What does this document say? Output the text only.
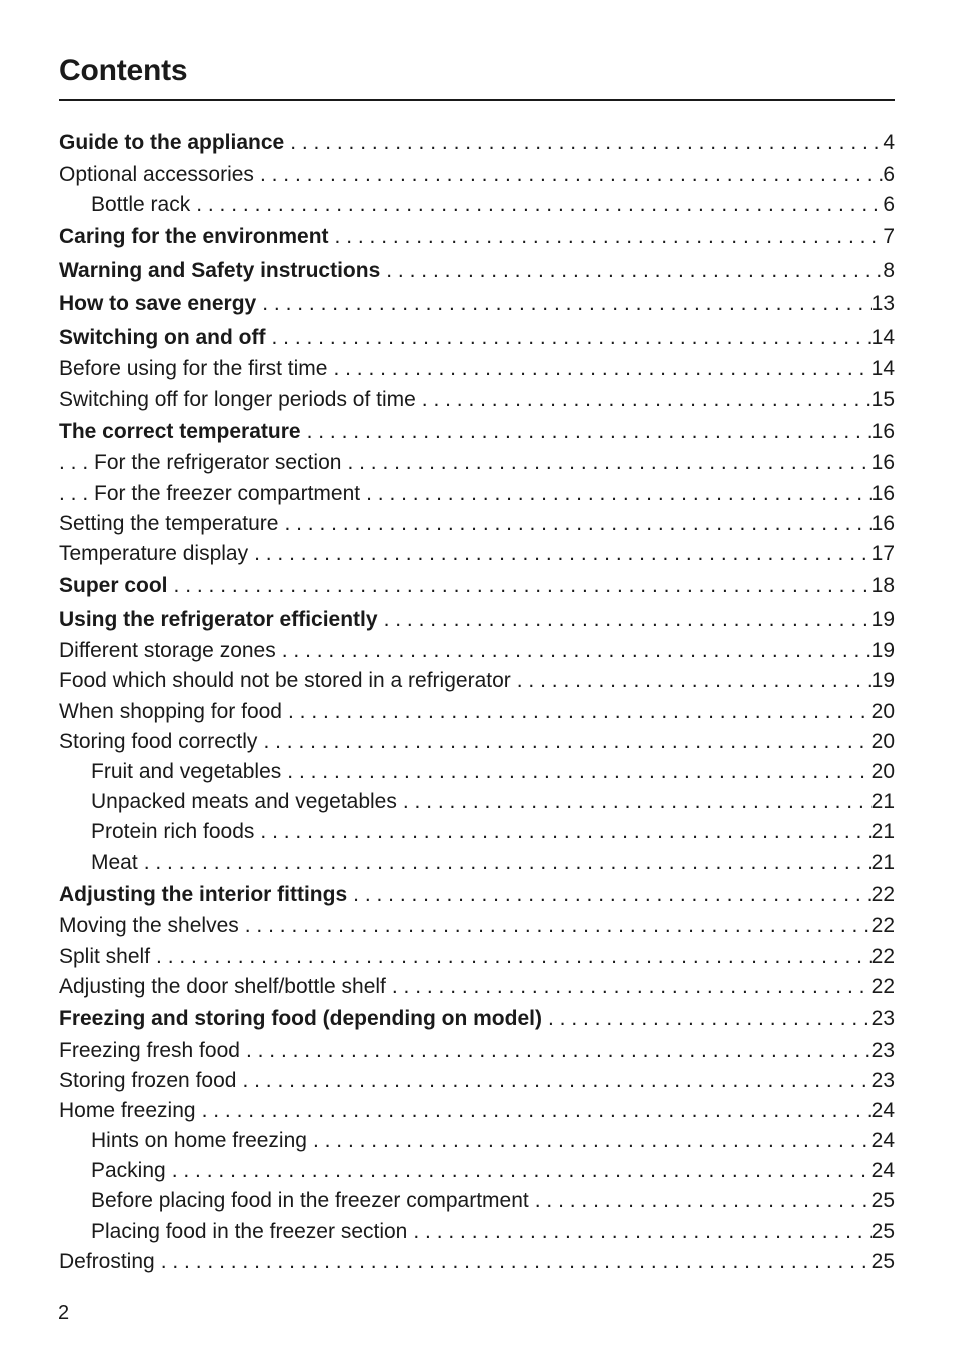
Contents
Guide to the appliance . . .	4
Optional accessories . . .	6
Bottle rack . . .	6
Caring for the environment . . .	7
Warning and Safety instructions . . .	8
How to save energy . . .	13
Switching on and off . . .	14
Before using for the first time . . .	14
Switching off for longer periods of time . . .	15
The correct temperature . . .	16
. . . For the refrigerator section . . .	16
. . . For the freezer compartment . . .	16
Setting the temperature . . .	16
Temperature display . . .	17
Super cool . . .	18
Using the refrigerator efficiently . . .	19
Different storage zones . . .	19
Food which should not be stored in a refrigerator . . .	19
When shopping for food . . .	20
Storing food correctly . . .	20
Fruit and vegetables . . .	20
Unpacked meats and vegetables . . .	21
Protein rich foods . . .	21
Meat . . .	21
Adjusting the interior fittings . . .	22
Moving the shelves . . .	22
Split shelf . . .	22
Adjusting the door shelf/bottle shelf . . .	22
Freezing and storing food (depending on model) . . .	23
Freezing fresh food . . .	23
Storing frozen food . . .	23
Home freezing . . .	24
Hints on home freezing . . .	24
Packing . . .	24
Before placing food in the freezer compartment . . .	25
Placing food in the freezer section . . .	25
Defrosting . . .	25
2
